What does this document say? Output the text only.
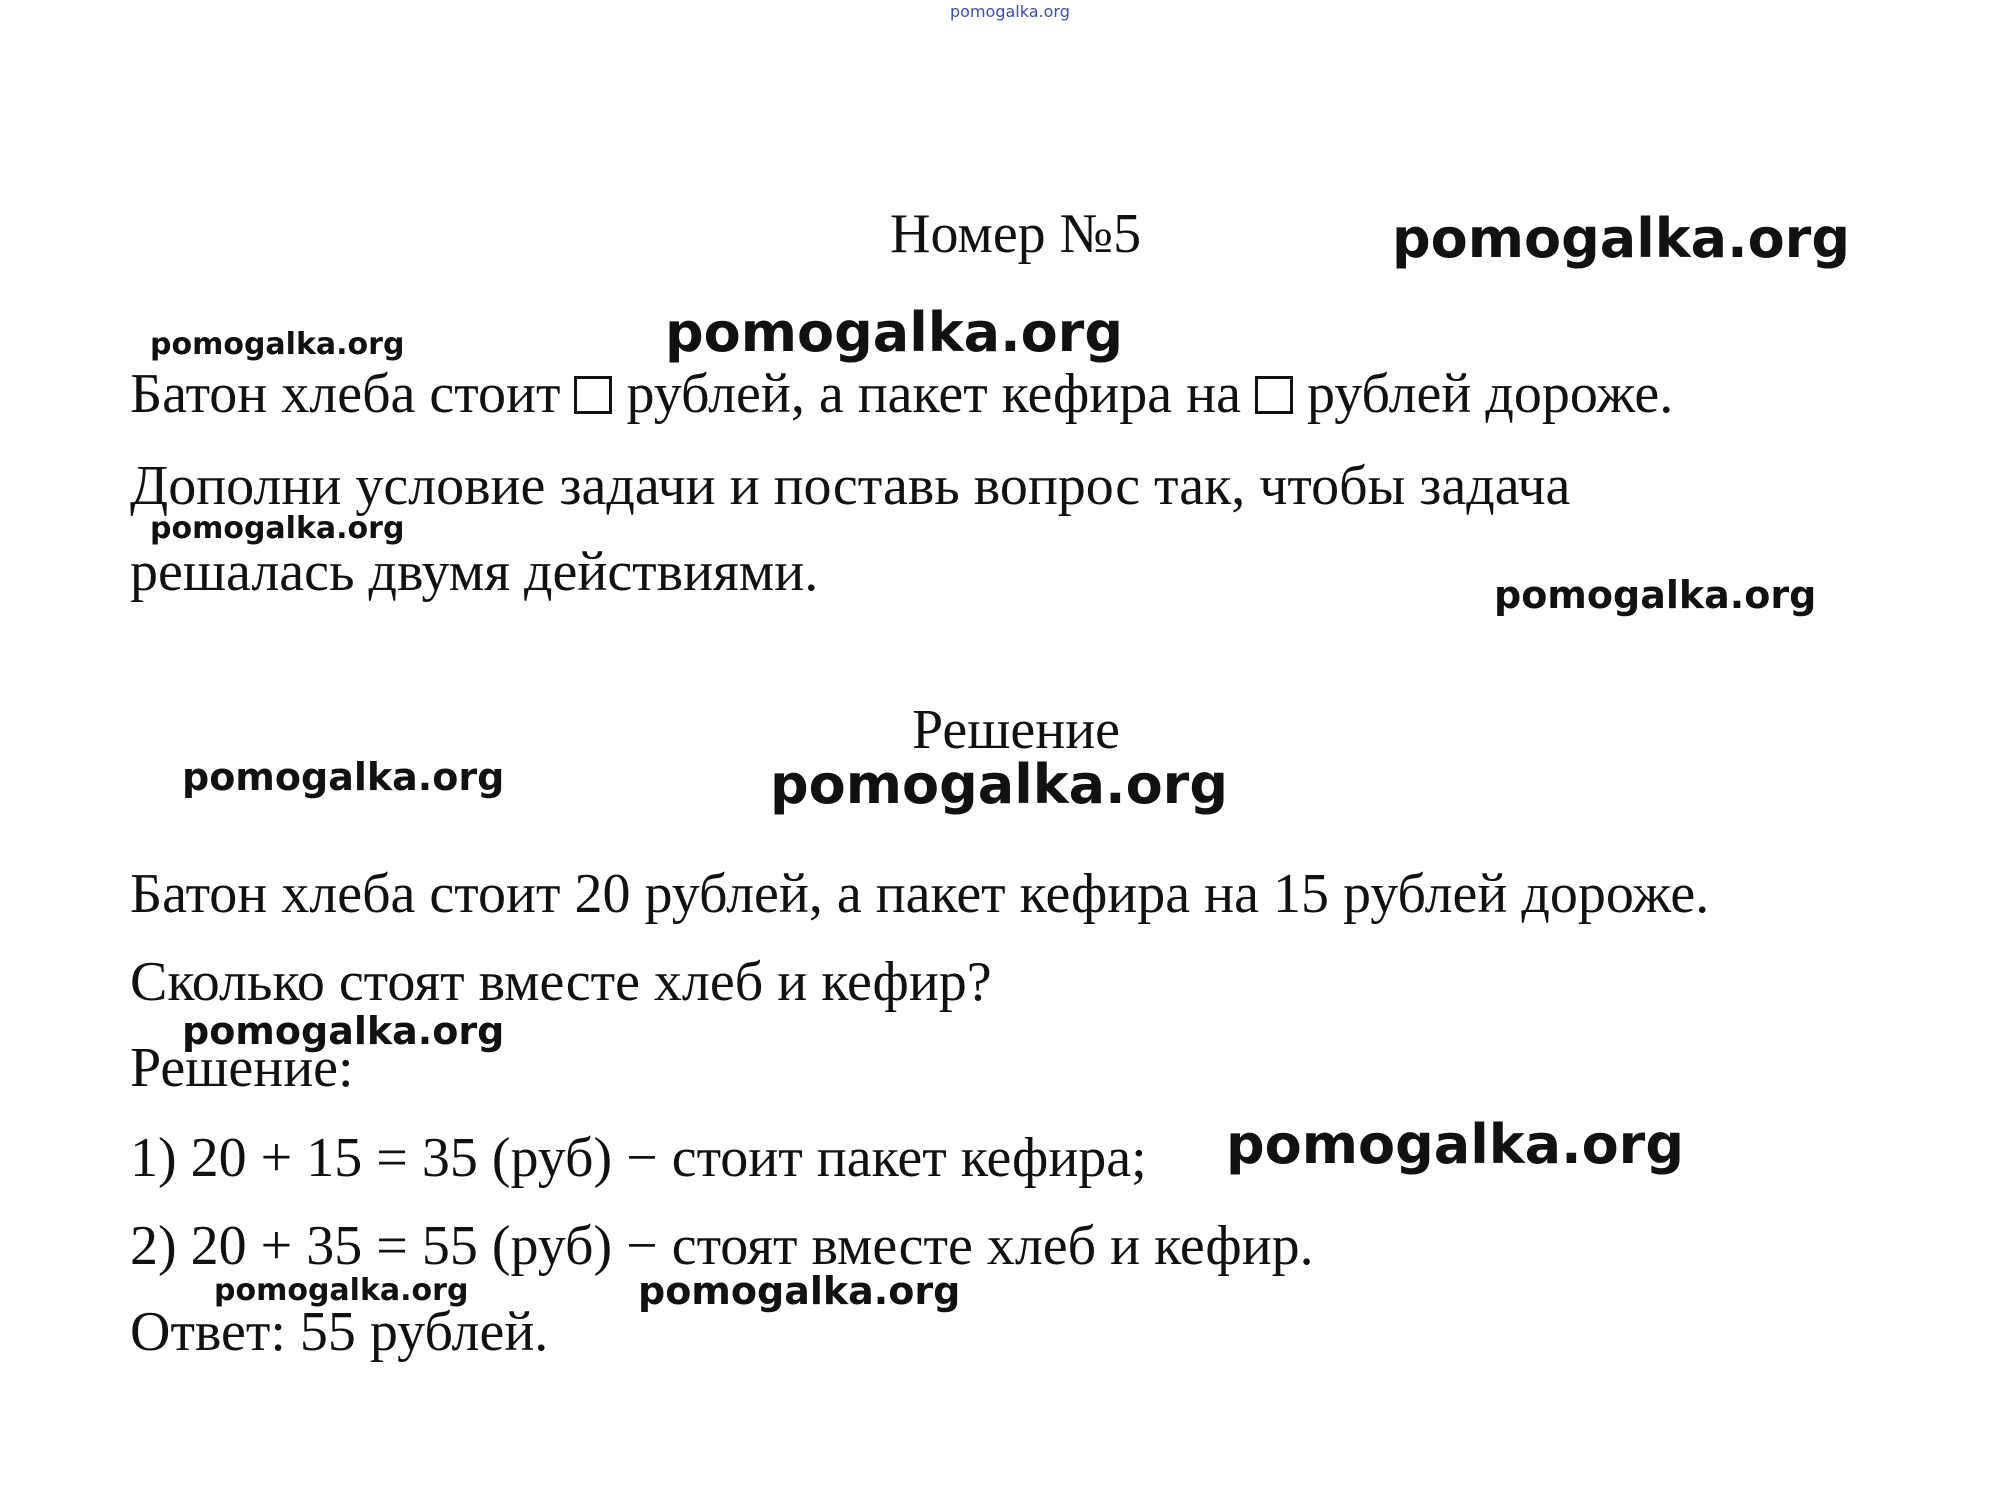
pomogalka.org
Номер №5	pomogalka.org
pomogalka.org	pomogalka.org
Батон хлеба стоит рублей, а пакет кефира на рублей дороже.
Дополни условие задачи и поставь вопрос так, чтобы задача
pomogalka.org
решалась двумя действиями.	pomogalka.org
Решение
pomogalka.org	pomogalka.org
Батон хлеба стоит 20 рублей, а пакет кефира на 15 рублей дороже.
Сколько стоят вместе хлеб и кефир?
pomogalka.org
Решение:
1) 20 + 15 = 35 (руб) − стоит пакет кефира; pomogalka.org
2) 20 + 35 = 55 (руб) − стоят вместе хлеб и кефир.
pomogalka.org	pomogalka.org
Ответ: 55 рублей.
